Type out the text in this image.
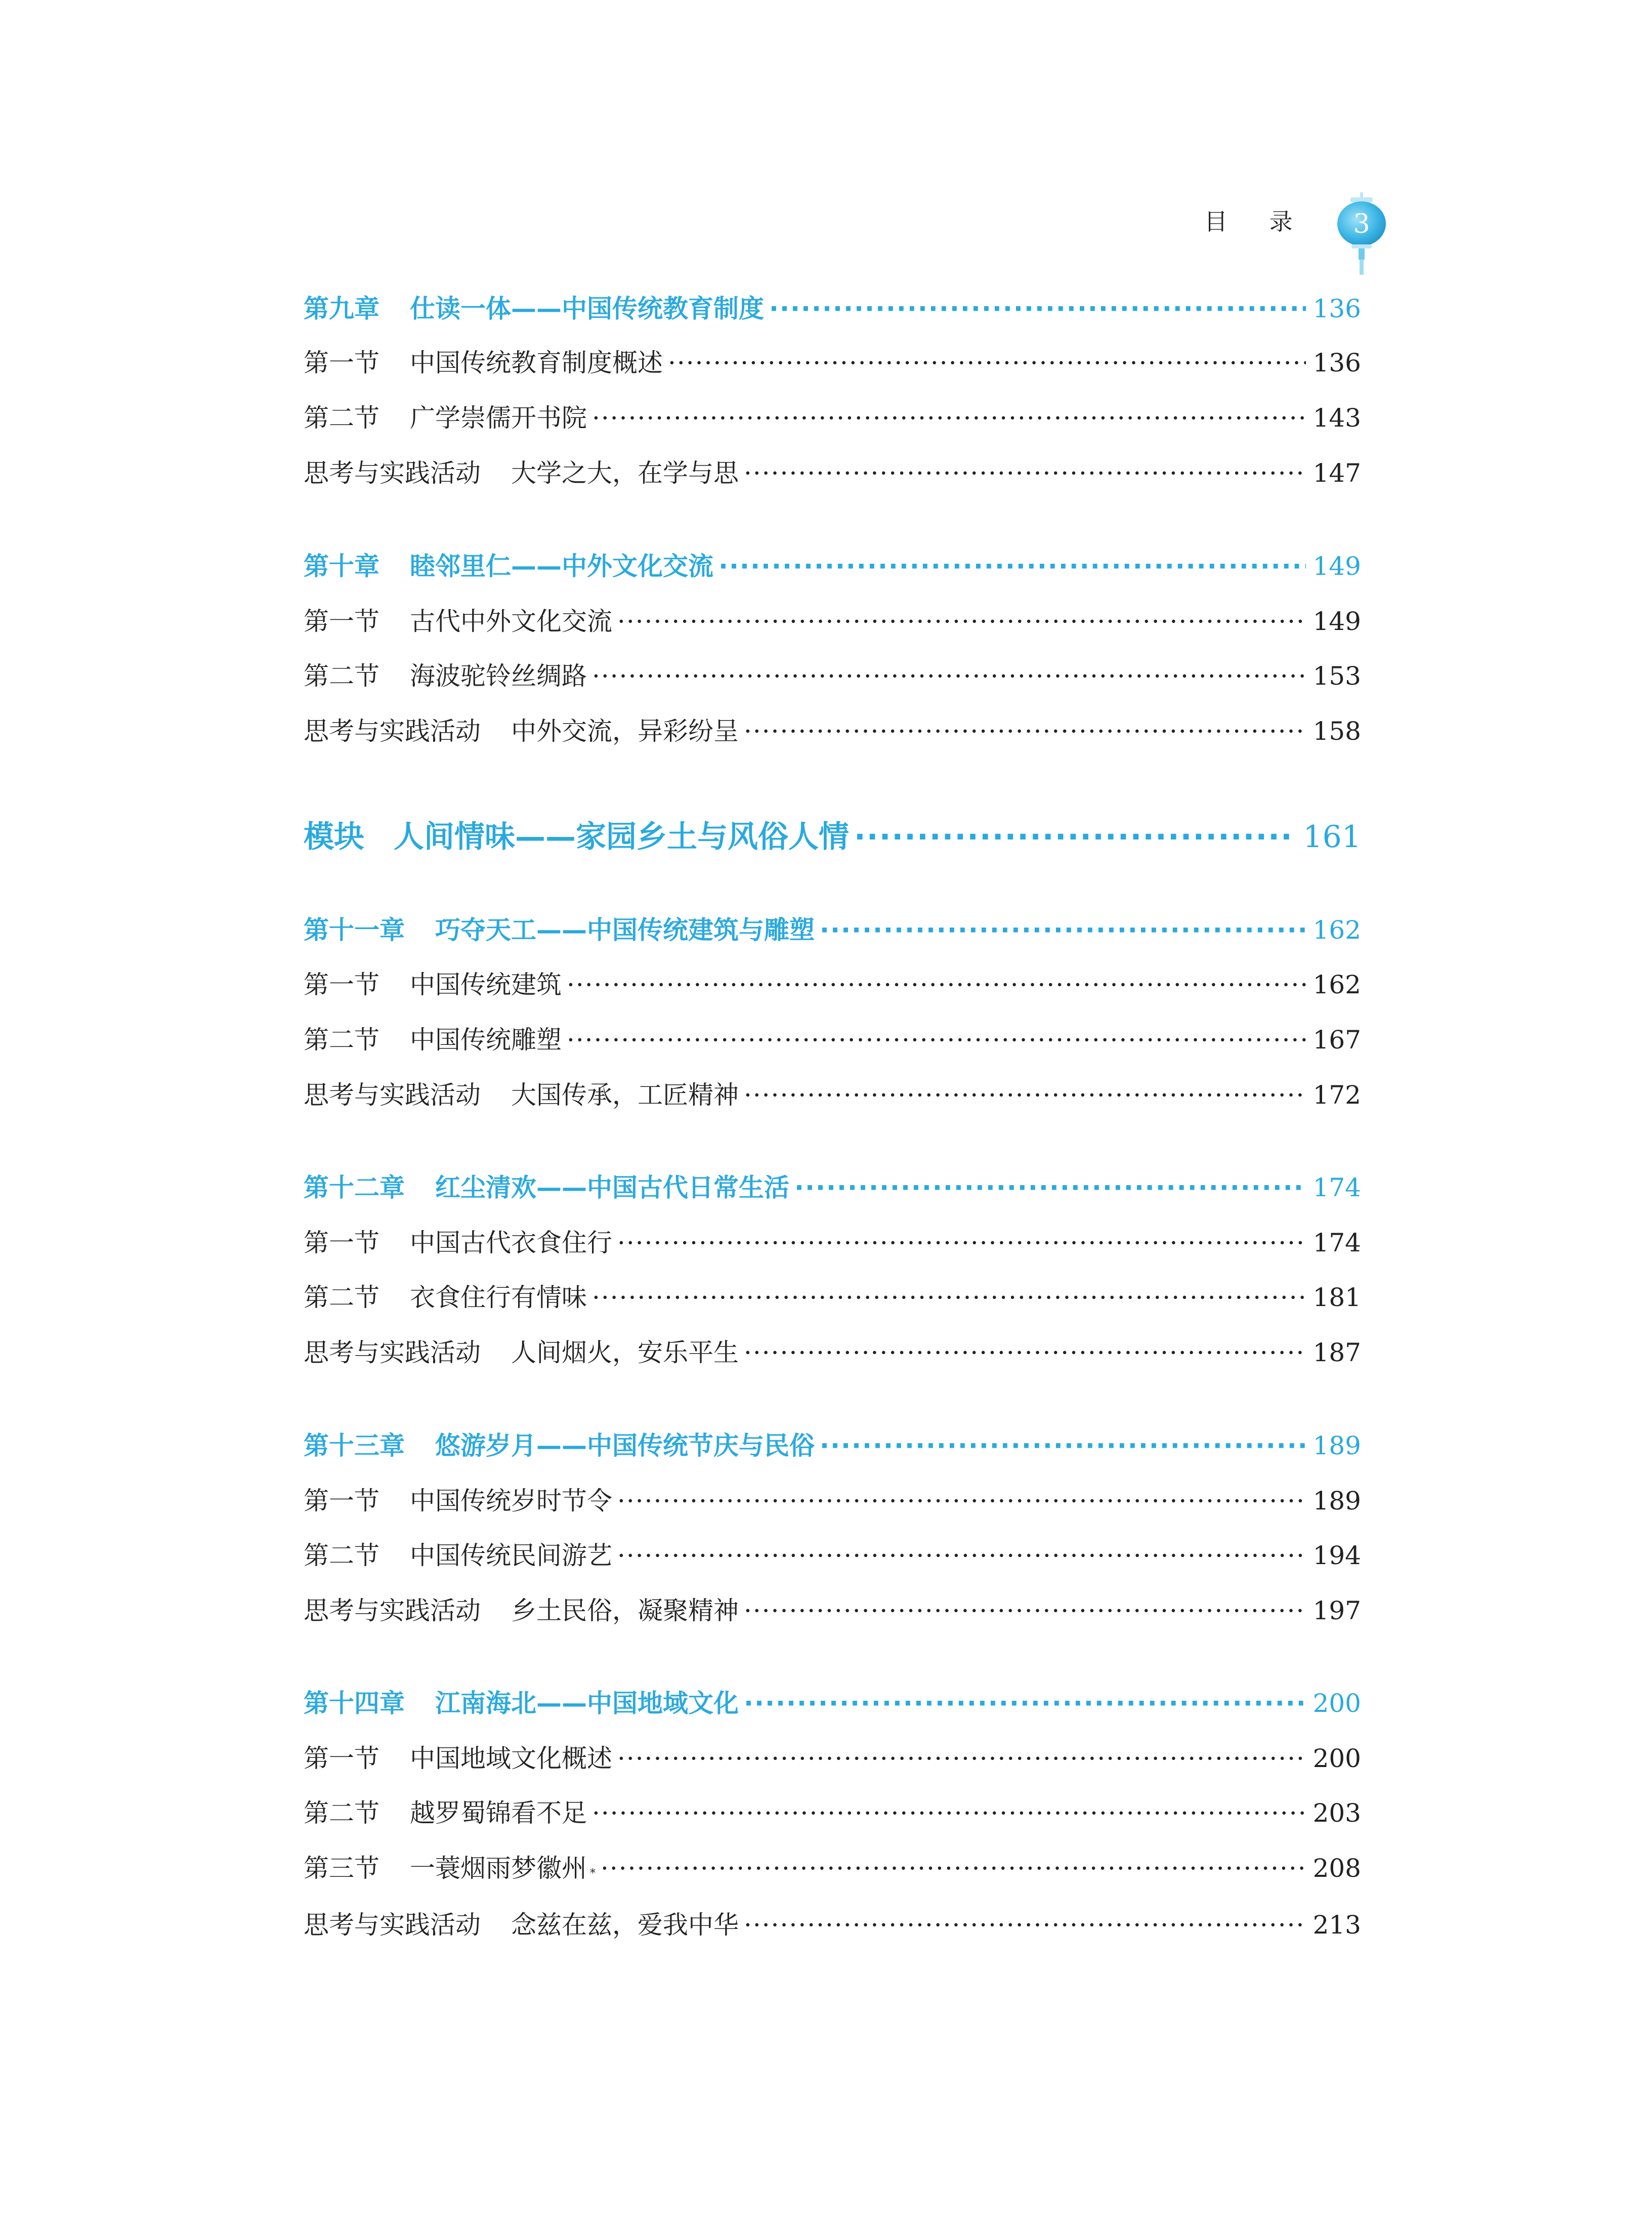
目 录 3
第九章 仕读一体——中国传统教育制度 ·····	136
第一节 中国传统教育制度概述 ·····	136
第二节 广学崇儒开书院 ·····	143
思考与实践活动 大学之大，在学与思 ·····	147
第十章 睦邻里仁——中外文化交流 ·····	149
第一节 古代中外文化交流 ·····	149
第二节 海波驼铃丝绸路 ·····	153
思考与实践活动 中外交流，异彩纷呈 ·····	158
模块 人间情味——家园乡土与风俗人情 ·····	161
第十一章 巧夺天工——中国传统建筑与雕塑 ·····	162
第一节 中国传统建筑 ·····	162
第二节 中国传统雕塑 ·····	167
思考与实践活动 大国传承，工匠精神 ·····	172
第十二章 红尘清欢——中国古代日常生活 ·····	174
第一节 中国古代衣食住行 ·····	174
第二节 衣食住行有情味 ·····	181
思考与实践活动 人间烟火，安乐平生 ·····	187
第十三章 悠游岁月——中国传统节庆与民俗 ·····	189
第一节 中国传统岁时节令 ·····	189
第二节 中国传统民间游艺 ·····	194
思考与实践活动 乡土民俗，凝聚精神 ·····	197
第十四章 江南海北——中国地域文化 ·····	200
第一节 中国地域文化概述 ·····	200
第二节 越罗蜀锦看不足 ·····	203
第三节 一蓑烟雨梦徽州 * ·····	208
思考与实践活动 念兹在兹，爱我中华 ·····	213
